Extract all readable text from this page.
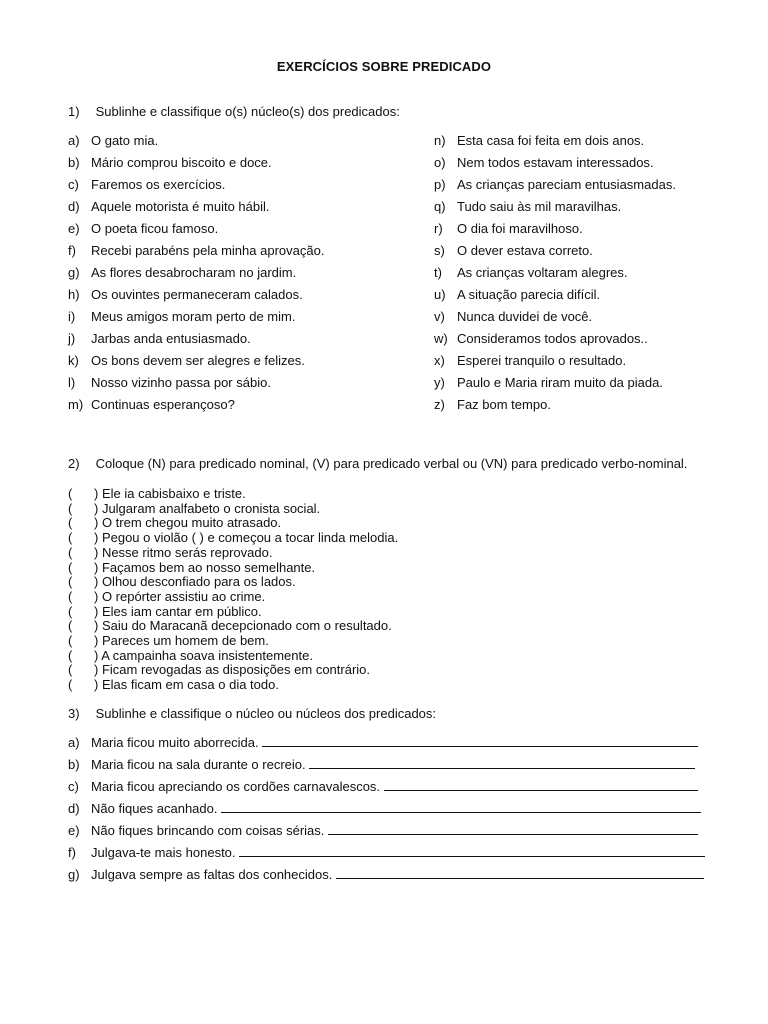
EXERCÍCIOS SOBRE PREDICADO
1) Sublinhe e classifique o(s) núcleo(s) dos predicados:
a) O gato mia.
b) Mário comprou biscoito e doce.
c) Faremos os exercícios.
d) Aquele motorista é muito hábil.
e) O poeta ficou famoso.
f) Recebi parabéns pela minha aprovação.
g) As flores desabrocharam no jardim.
h) Os ouvintes permaneceram calados.
i) Meus amigos moram perto de mim.
j) Jarbas anda entusiasmado.
k) Os bons devem ser alegres e felizes.
l) Nosso vizinho passa por sábio.
m) Continuas esperançoso?
n) Esta casa foi feita em dois anos.
o) Nem todos estavam interessados.
p) As crianças pareciam entusiasmadas.
q) Tudo saiu às mil maravilhas.
r) O dia foi maravilhoso.
s) O dever estava correto.
t) As crianças voltaram alegres.
u) A situação parecia difícil.
v) Nunca duvidei de você.
w) Consideramos todos aprovados..
x) Esperei tranquilo o resultado.
y) Paulo e Maria riram muito da piada.
z) Faz bom tempo.
2) Coloque (N) para predicado nominal, (V) para predicado verbal ou (VN) para predicado verbo-nominal.
( ) Ele ia cabisbaixo e triste.
( ) Julgaram analfabeto o cronista social.
( ) O trem chegou muito atrasado.
( ) Pegou o violão ( ) e começou a tocar linda melodia.
( ) Nesse ritmo serás reprovado.
( ) Façamos bem ao nosso semelhante.
( ) Olhou desconfiado para os lados.
( ) O repórter assistiu ao crime.
( ) Eles iam cantar em público.
( ) Saiu do Maracanã decepcionado com o resultado.
( ) Pareces um homem de bem.
( ) A campainha soava insistentemente.
( ) Ficam revogadas as disposições em contrário.
( ) Elas ficam em casa o dia todo.
3) Sublinhe e classifique o núcleo ou núcleos dos predicados:
a) Maria ficou muito aborrecida.
b) Maria ficou na sala durante o recreio.
c) Maria ficou apreciando os cordões carnavalescos.
d) Não fiques acanhado.
e) Não fiques brincando com coisas sérias.
f) Julgava-te mais honesto.
g) Julgava sempre as faltas dos conhecidos.
